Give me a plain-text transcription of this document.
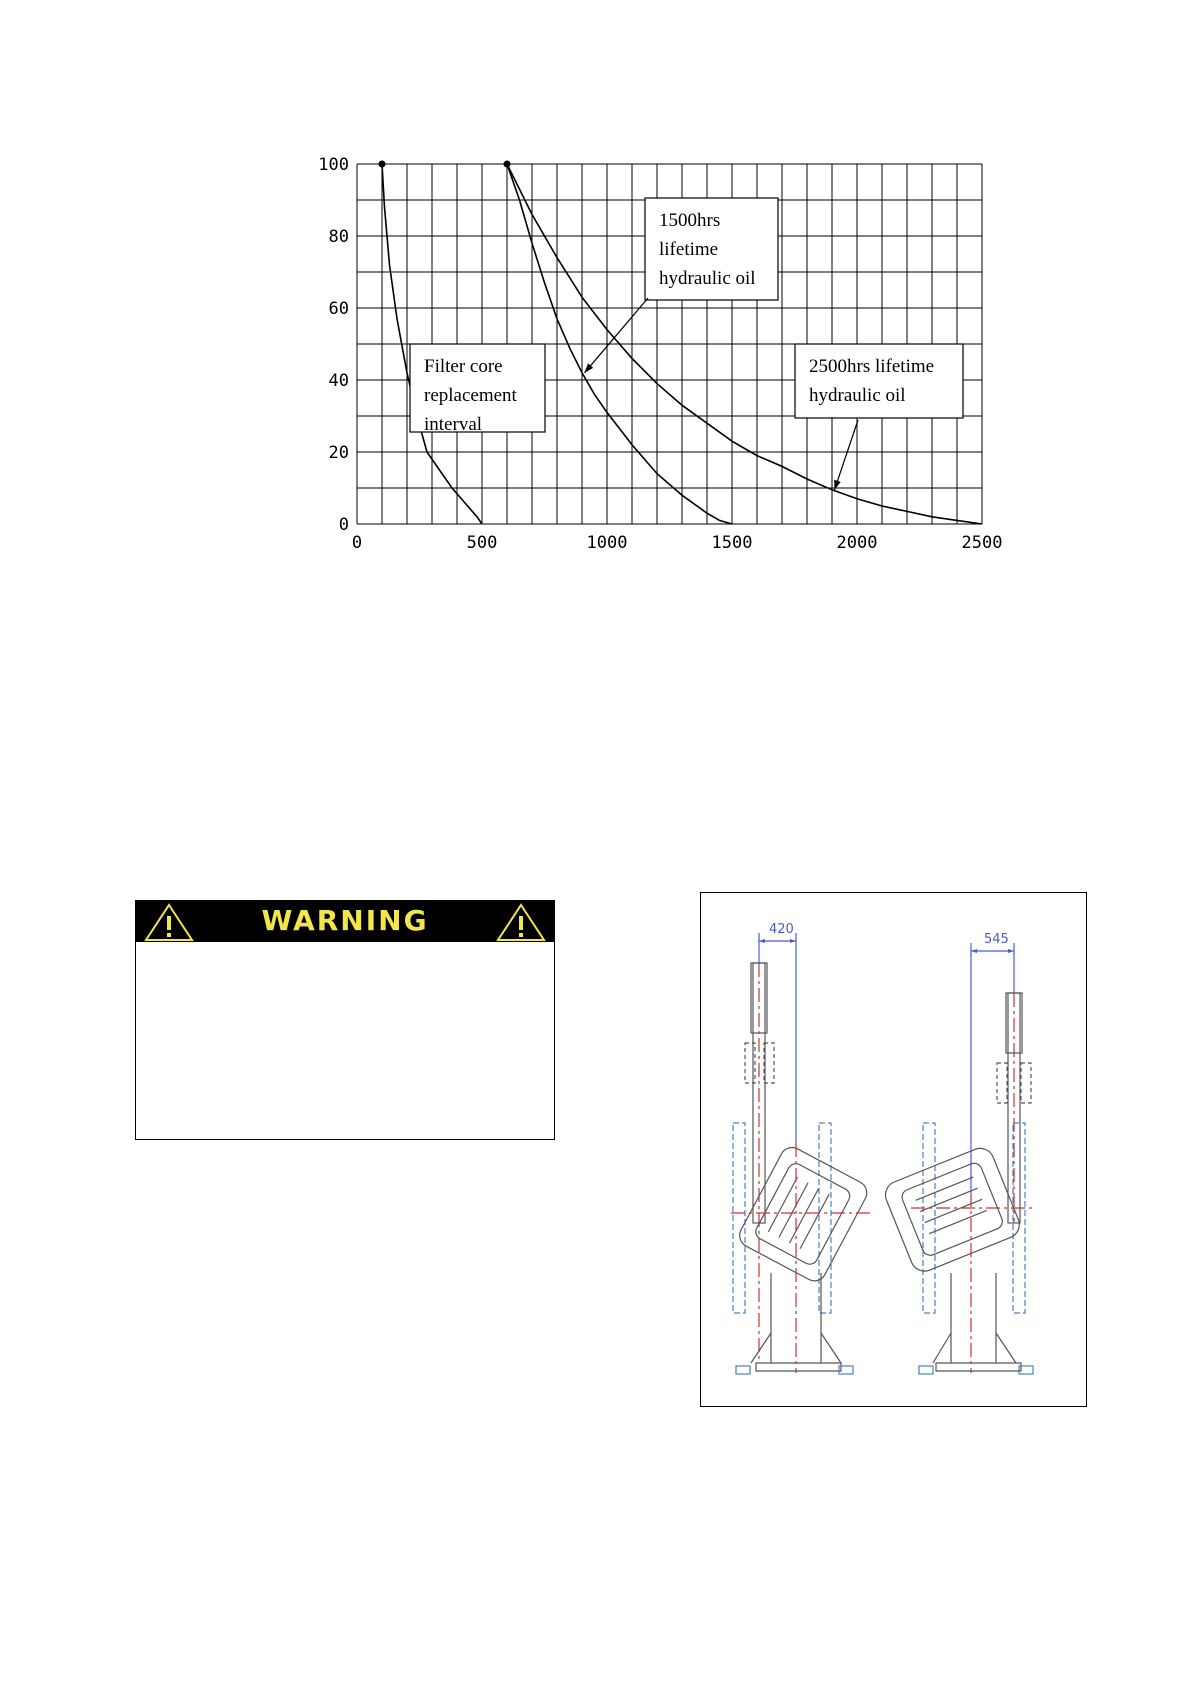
0
20
40
60
80
100
0	500	1000	1500	2000	2500
Filter core
replacement
interval
1500hrs
lifetime
hydraulic oil
2500hrs lifetime
hydraulic oil
WARNING	420
545
